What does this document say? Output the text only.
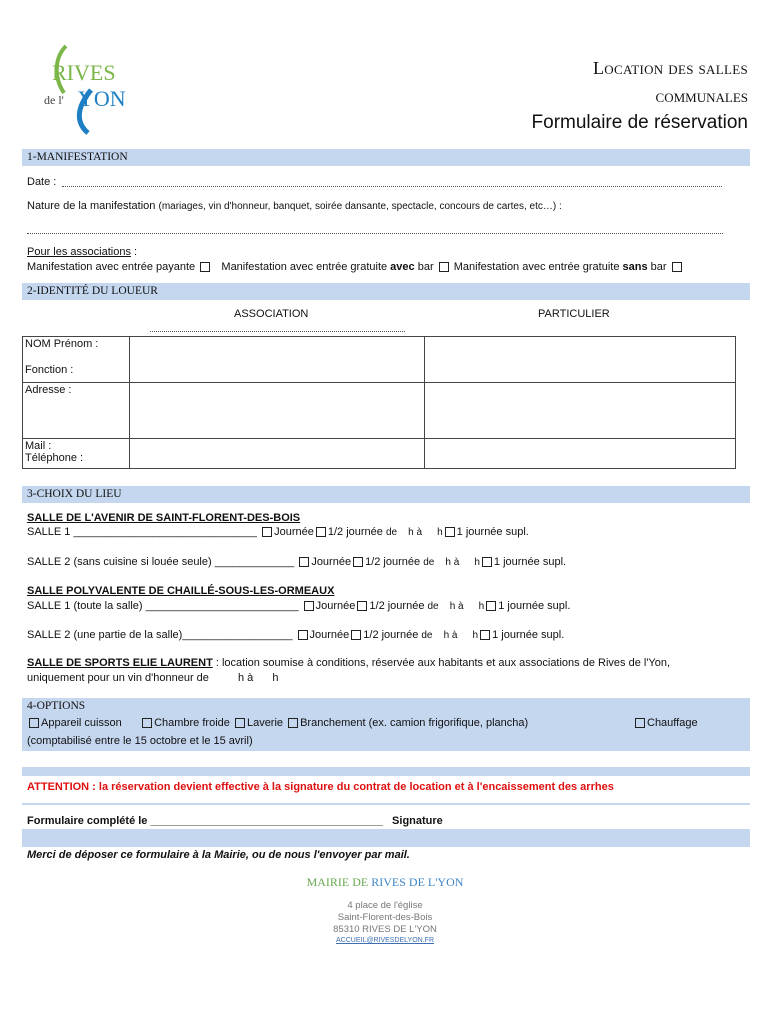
RIVES
de l' YON
Location des salles
communales
Formulaire de réservation
1-MANIFESTATION
Date :
Nature de la manifestation (mariages, vin d'honneur, banquet, soirée dansante, spectacle, concours de cartes, etc…) :
Pour les associations :
Manifestation avec entrée payante Manifestation avec entrée gratuite avec bar Manifestation avec entrée gratuite sans bar
2-IDENTITÉ DU LOUEUR
ASSOCIATION	PARTICULIER
NOM Prénom :
Fonction :		

Adresse :		

Mail :
Téléphone :		

3-CHOIX DU LIEU
SALLE DE L'AVENIR DE SAINT-FLORENT-DES-BOIS
SALLE 1 ______________________________ Journée 1/2 journée de h à h 1 journée supl.
SALLE 2 (sans cuisine si louée seule) _____________ Journée 1/2 journée de h à h 1 journée supl.
SALLE POLYVALENTE DE CHAILLÉ-SOUS-LES-ORMEAUX
SALLE 1 (toute la salle) _________________________ Journée 1/2 journée de h à h 1 journée supl.
SALLE 2 (une partie de la salle)__________________ Journée 1/2 journée de h à h 1 journée supl.
SALLE DE SPORTS ELIE LAURENT : location soumise à conditions, réservée aux habitants et aux associations de Rives de l'Yon,
uniquement pour un vin d'honneur de	h à h
4-OPTIONS
Appareil cuisson	Chambre froide Laverie Branchement (ex. camion frigorifique, plancha)	Chauffage
(comptabilisé entre le 15 octobre et le 15 avril)
ATTENTION : la réservation devient effective à la signature du contrat de location et à l'encaissement des arrhes
Formulaire complété le ______________________________________ Signature
Merci de déposer ce formulaire à la Mairie, ou de nous l'envoyer par mail.
MAIRIE DE RIVES DE L'YON
4 place de l'église
Saint-Florent-des-Bois
85310 RIVES DE L'YON
ACCUEIL@RIVESDELYON.FR
